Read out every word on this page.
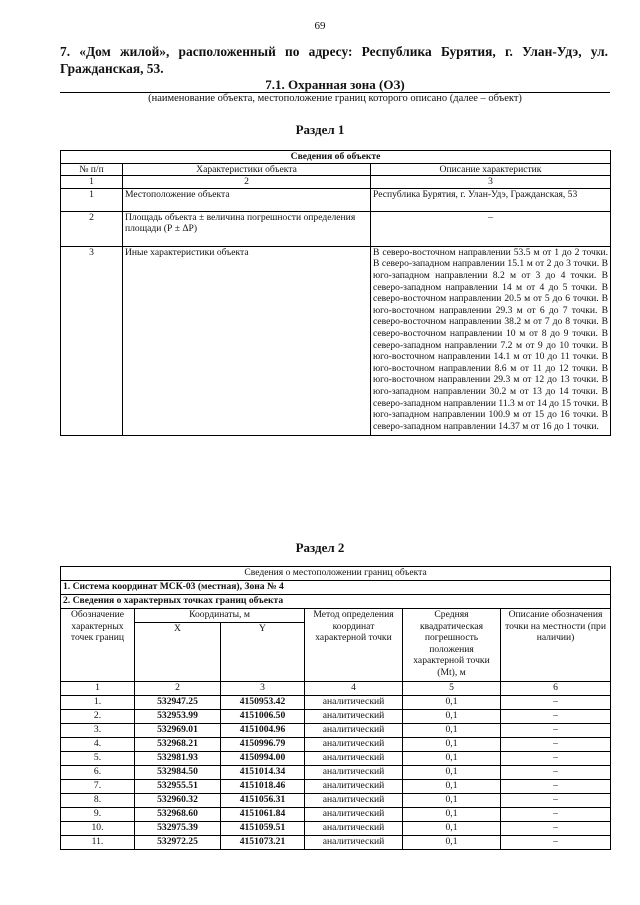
69
7. «Дом жилой», расположенный по адресу: Республика Бурятия, г. Улан-Удэ, ул.
Гражданская, 53.
7.1. Охранная зона (ОЗ)
(наименование объекта, местоположение границ которого описано (далее – объект)
Раздел 1
Сведения об объекте		
№ п/п	Характеристики объекта	Описание характеристик
1	2	3
1	Местоположение объекта	Республика Бурятия, г. Улан-Удэ, Гражданская, 53
2	Площадь объекта ± величина погрешности определения площади (Р ± ΔР)	–
3	Иные характеристики объекта	В северо-восточном направлении 53.5 м от 1 до 2 точки. В северо-западном направлении 15.1 м от 2 до 3 точки. В юго-западном направлении 8.2 м от 3 до 4 точки. В северо-западном направлении 14 м от 4 до 5 точки. В северо-восточном направлении 20.5 м от 5 до 6 точки. В юго-восточном направлении 29.3 м от 6 до 7 точки. В северо-восточном направлении 38.2 м от 7 до 8 точки. В северо-восточном направлении 10 м от 8 до 9 точки. В северо-западном направлении 7.2 м от 9 до 10 точки. В юго-восточном направлении 14.1 м от 10 до 11 точки. В юго-восточном направлении 8.6 м от 11 до 12 точки. В юго-восточном направлении 29.3 м от 12 до 13 точки. В юго-западном направлении 30.2 м от 13 до 14 точки. В северо-западном направлении 11.3 м от 14 до 15 точки. В юго-западном направлении 100.9 м от 15 до 16 точки. В северо-западном направлении 14.37 м от 16 до 1 точки.
Раздел 2
Сведения о местоположении границ объекта					
1. Система координат МСК-03 (местная), Зона № 4					
2. Сведения о характерных точках границ объекта					
Обозначение характерных точек границ	Координаты, м		Метод определения координат характерной точки	Средняя квадратическая погрешность положения характерной точки (Mt), м	Описание обозначения точки на местности (при наличии)
	X	Y			
1	2	3	4	5	6
1.	532947.25	4150953.42	аналитический	0,1	–
2.	532953.99	4151006.50	аналитический	0,1	–
3.	532969.01	4151004.96	аналитический	0,1	–
4.	532968.21	4150996.79	аналитический	0,1	–
5.	532981.93	4150994.00	аналитический	0,1	–
6.	532984.50	4151014.34	аналитический	0,1	–
7.	532955.51	4151018.46	аналитический	0,1	–
8.	532960.32	4151056.31	аналитический	0,1	–
9.	532968.60	4151061.84	аналитический	0,1	–
10.	532975.39	4151059.51	аналитический	0,1	–
11.	532972.25	4151073.21	аналитический	0,1	–
